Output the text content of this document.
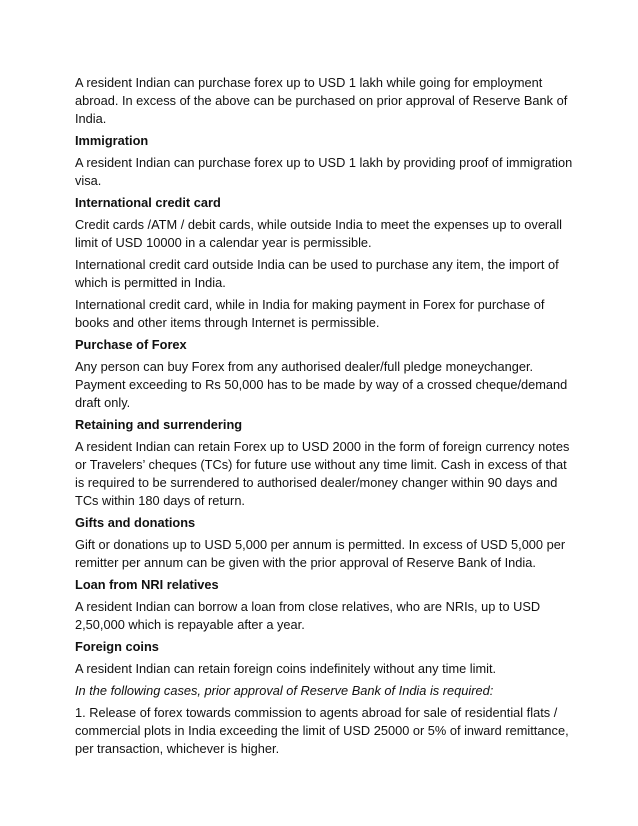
A resident Indian can purchase forex up to USD 1 lakh while going for employment abroad. In excess of the above can be purchased on prior approval of Reserve Bank of India.

Immigration

A resident Indian can purchase forex up to USD 1 lakh by providing proof of immigration visa.

International credit card

Credit cards /ATM / debit cards, while outside India to meet the expenses up to overall limit of USD 10000 in a calendar year is permissible.

International credit card outside India can be used to purchase any item, the import of which is permitted in India.

International credit card, while in India for making payment in Forex for purchase of books and other items through Internet is permissible.

Purchase of Forex

Any person can buy Forex from any authorised dealer/full pledge moneychanger. Payment exceeding to Rs 50,000 has to be made by way of a crossed cheque/demand draft only.

Retaining and surrendering

A resident Indian can retain Forex up to USD 2000 in the form of foreign currency notes or Travelers’ cheques (TCs) for future use without any time limit. Cash in excess of that is required to be surrendered to authorised dealer/money changer within 90 days and TCs within 180 days of return.

Gifts and donations

Gift or donations up to USD 5,000 per annum is permitted. In excess of USD 5,000 per remitter per annum can be given with the prior approval of Reserve Bank of India.

Loan from NRI relatives

A resident Indian can borrow a loan from close relatives, who are NRIs, up to USD 2,50,000 which is repayable after a year.

Foreign coins

A resident Indian can retain foreign coins indefinitely without any time limit.

In the following cases, prior approval of Reserve Bank of India is required:

1. Release of forex towards commission to agents abroad for sale of residential flats / commercial plots in India exceeding the limit of USD 25000 or 5% of inward remittance, per transaction, whichever is higher.
